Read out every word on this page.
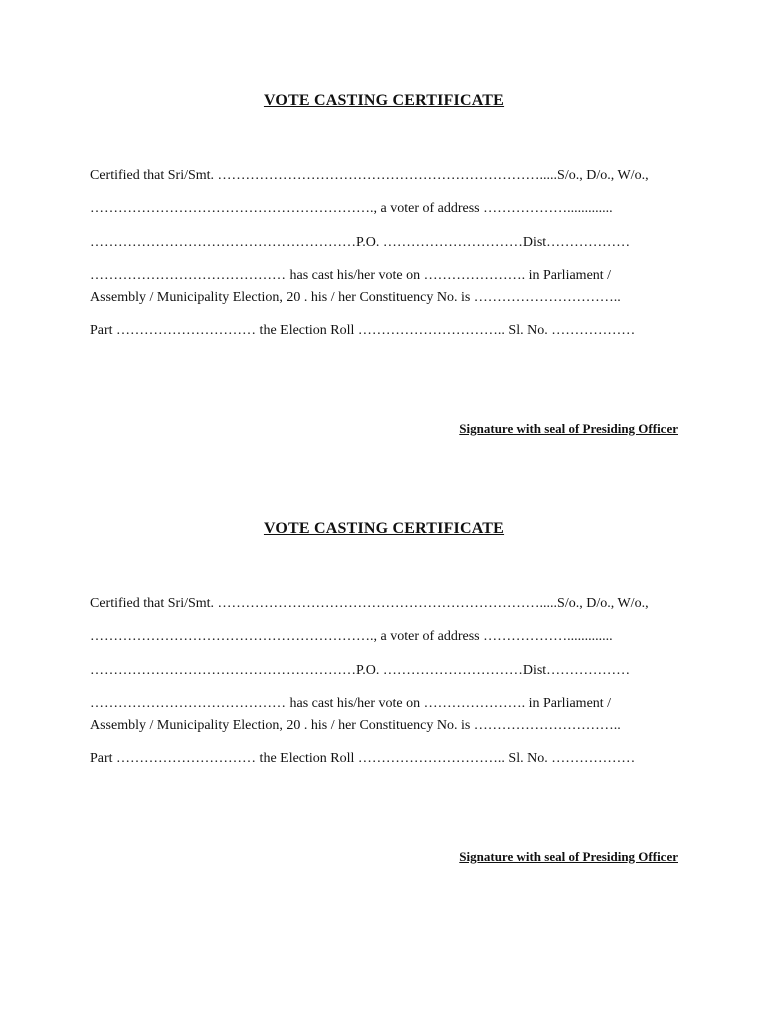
VOTE CASTING CERTIFICATE
Certified that Sri/Smt. …………………………………………………………….....S/o., D/o., W/o.,
……………………………………………………., a voter of address ……………….............
…………………………………………………P.O. …………………………Dist………………
…………………………………… has cast his/her vote on …………………. in Parliament /
Assembly / Municipality Election, 20 . his / her Constituency No. is …………………………..
Part ………………………… the Election Roll ………………………….. Sl. No. ………………
Signature with seal of Presiding Officer
VOTE CASTING CERTIFICATE
Certified that Sri/Smt. …………………………………………………………….....S/o., D/o., W/o.,
……………………………………………………., a voter of address ……………….............
…………………………………………………P.O. …………………………Dist………………
…………………………………… has cast his/her vote on …………………. in Parliament /
Assembly / Municipality Election, 20 . his / her Constituency No. is …………………………..
Part ………………………… the Election Roll ………………………….. Sl. No. ………………
Signature with seal of Presiding Officer
